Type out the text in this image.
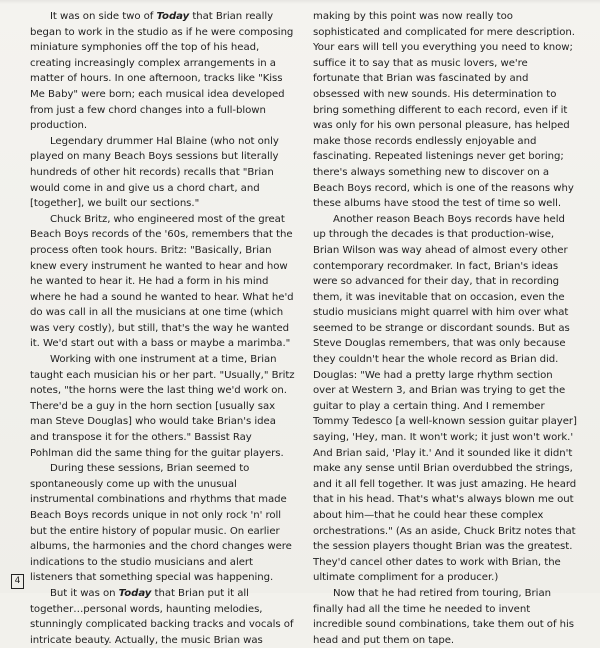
It was on side two of Today that Brian really began to work in the studio as if he were composing miniature symphonies off the top of his head, creating increasingly complex arrangements in a matter of hours. In one afternoon, tracks like "Kiss Me Baby" were born; each musical idea developed from just a few chord changes into a full-blown production.

Legendary drummer Hal Blaine (who not only played on many Beach Boys sessions but literally hundreds of other hit records) recalls that "Brian would come in and give us a chord chart, and [together], we built our sections."

Chuck Britz, who engineered most of the great Beach Boys records of the '60s, remembers that the process often took hours. Britz: "Basically, Brian knew every instrument he wanted to hear and how he wanted to hear it. He had a form in his mind where he had a sound he wanted to hear. What he'd do was call in all the musicians at one time (which was very costly), but still, that's the way he wanted it. We'd start out with a bass or maybe a marimba."

Working with one instrument at a time, Brian taught each musician his or her part. "Usually," Britz notes, "the horns were the last thing we'd work on. There'd be a guy in the horn section [usually sax man Steve Douglas] who would take Brian's idea and transpose it for the others." Bassist Ray Pohlman did the same thing for the guitar players.

During these sessions, Brian seemed to spontaneously come up with the unusual instrumental combinations and rhythms that made Beach Boys records unique in not only rock 'n' roll but the entire history of popular music. On earlier albums, the harmonies and the chord changes were indications to the studio musicians and alert listeners that something special was happening.

But it was on Today that Brian put it all together…personal words, haunting melodies, stunningly complicated backing tracks and vocals of intricate beauty. Actually, the music Brian was

making by this point was now really too sophisticated and complicated for mere description. Your ears will tell you everything you need to know; suffice it to say that as music lovers, we're fortunate that Brian was fascinated by and obsessed with new sounds. His determination to bring something different to each record, even if it was only for his own personal pleasure, has helped make those records endlessly enjoyable and fascinating. Repeated listenings never get boring; there's always something new to discover on a Beach Boys record, which is one of the reasons why these albums have stood the test of time so well.

Another reason Beach Boys records have held up through the decades is that production-wise, Brian Wilson was way ahead of almost every other contemporary recordmaker. In fact, Brian's ideas were so advanced for their day, that in recording them, it was inevitable that on occasion, even the studio musicians might quarrel with him over what seemed to be strange or discordant sounds. But as Steve Douglas remembers, that was only because they couldn't hear the whole record as Brian did. Douglas: "We had a pretty large rhythm section over at Western 3, and Brian was trying to get the guitar to play a certain thing. And I remember Tommy Tedesco [a well-known session guitar player] saying, 'Hey, man. It won't work; it just won't work.' And Brian said, 'Play it.' And it sounded like it didn't make any sense until Brian overdubbed the strings, and it all fell together. It was just amazing. He heard that in his head. That's what's always blown me out about him—that he could hear these complex orchestrations." (As an aside, Chuck Britz notes that the session players thought Brian was the greatest. They'd cancel other dates to work with Brian, the ultimate compliment for a producer.)

Now that he had retired from touring, Brian finally had all the time he needed to invent incredible sound combinations, take them out of his head and put them on tape.

4
